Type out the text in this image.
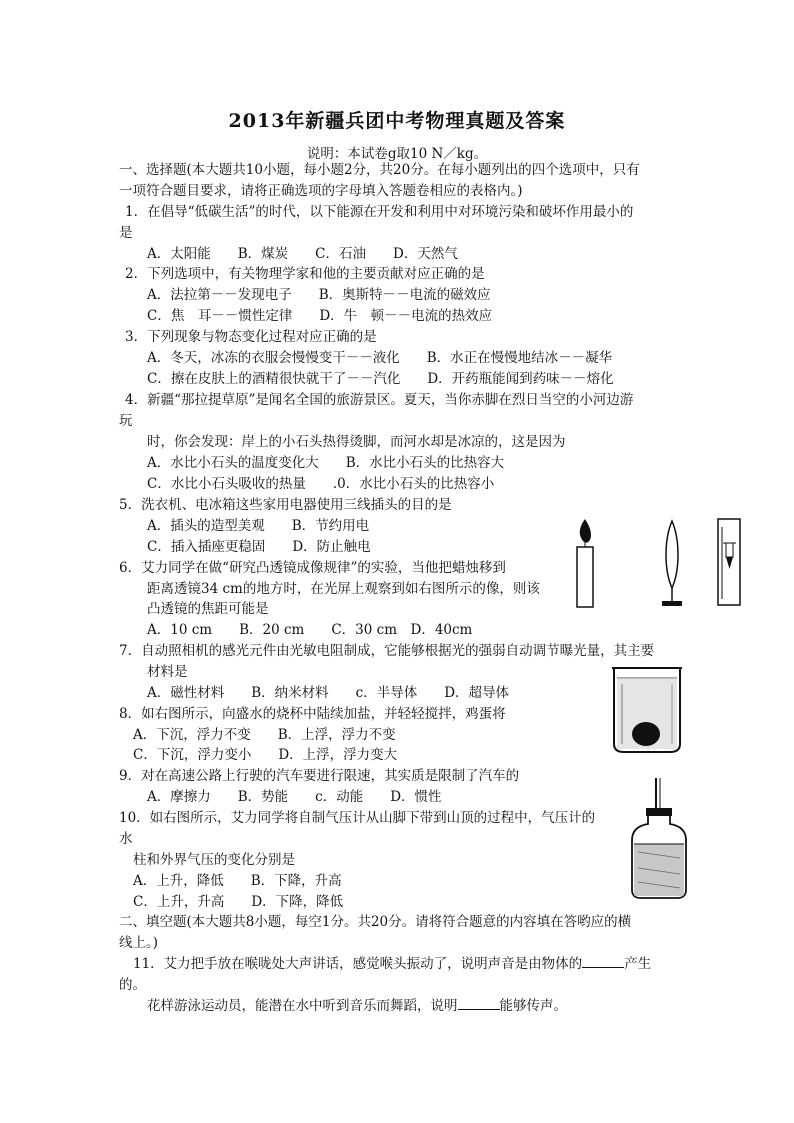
2013年新疆兵团中考物理真题及答案
说明：本试卷g取10 N／kg。
一、选择题(本大题共10小题，每小题2分，共20分。在每小题列出的四个选项中，只有
一项符合题目要求，请将正确选项的字母填入答题卷相应的表格内。)
1．在倡导“低碳生活”的时代，以下能源在开发和利用中对环境污染和破坏作用最小的
是
A．太阳能　　B．煤炭　　C．石油　　D．天然气
2．下列选项中，有关物理学家和他的主要贡献对应正确的是
A．法拉第－－发现电子　　B．奥斯特－－电流的磁效应
C．焦　耳－－惯性定律　　D．牛　顿－－电流的热效应
3．下列现象与物态变化过程对应正确的是
A．冬天，冰冻的衣服会慢慢变干－－液化　　B．水正在慢慢地结冰－－凝华
C．擦在皮肤上的酒精很快就干了－－汽化　　D．开药瓶能闻到药味－－熔化
4．新疆“那拉提草原”是闻名全国的旅游景区。夏天，当你赤脚在烈日当空的小河边游
玩
时，你会发现：岸上的小石头热得烫脚，而河水却是冰凉的，这是因为
A．水比小石头的温度变化大　　B．水比小石头的比热容大
C．水比小石头吸收的热量　　.0．水比小石头的比热容小
5．洗衣机、电冰箱这些家用电器使用三线插头的目的是
A．插头的造型美观　　B．节约用电
C．插入插座更稳固　　D．防止触电
6．艾力同学在做“研究凸透镜成像规律”的实验，当他把蜡烛移到
距离透镜34 cm的地方时，在光屏上观察到如右图所示的像，则该
凸透镜的焦距可能是
A．10 cm　　B．20 cm　　C．30 cm　D．40cm
7．自动照相机的感光元件由光敏电阻制成，它能够根据光的强弱自动调节曝光量，其主要
材料是
A．磁性材料　　B．纳米材料　　c．半导体　　D．超导体
8．如右图所示，向盛水的烧杯中陆续加盐，并轻轻搅拌，鸡蛋将
A．下沉，浮力不变　　B．上浮，浮力不变
C．下沉，浮力变小　　D．上浮，浮力变大
9．对在高速公路上行驶的汽车要进行限速，其实质是限制了汽车的
A．摩擦力　　B．势能　　c．动能　　D．惯性
10．如右图所示，艾力同学将自制气压计从山脚下带到山顶的过程中，气压计的
水
柱和外界气压的变化分别是
A．上升，降低　　B．下降，升高
C．上升，升高　　D．下降，降低
二、填空题(本大题共8小题，每空1分。共20分。请将符合题意的内容填在答哟应的横
线上。)
11．艾力把手放在喉咙处大声讲话，感觉喉头振动了，说明声音是由物体的	产生
的。
花样游泳运动员，能潜在水中听到音乐而舞蹈，说明	能够传声。
